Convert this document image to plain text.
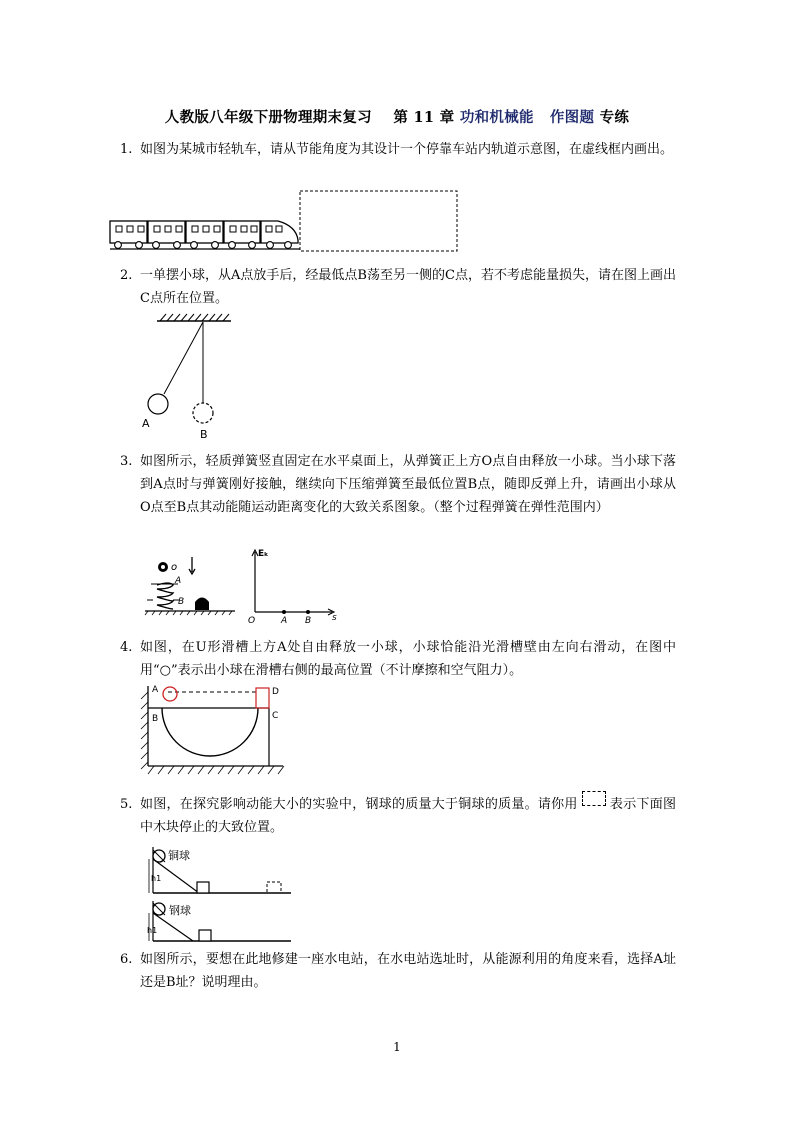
人教版八年级下册物理期末复习 第 11 章 功和机械能 作图题 专练
1. 如图为某城市轻轨车，请从节能角度为其设计一个停靠车站内轨道示意图，在虚线框内画出。
2. 一单摆小球，从A点放手后，经最低点B荡至另一侧的C点，若不考虑能量损失，请在图上画出C点所在位置。
A
B
3. 如图所示，轻质弹簧竖直固定在水平桌面上，从弹簧正上方O点自由释放一小球。当小球下落到A点时与弹簧刚好接触，继续向下压缩弹簧至最低位置B点，随即反弹上升，请画出小球从O点至B点其动能随运动距离变化的大致关系图象。（整个过程弹簧在弹性范围内）
o
A
B
Eₖ
O	A B s
4. 如图，在U形滑槽上方A处自由释放一小球，小球恰能沿光滑槽壁由左向右滑动，在图中用“○”表示出小球在滑槽右侧的最高位置（不计摩擦和空气阻力）。
A
B
D
C
5. 如图，在探究影响动能大小的实验中，钢球的质量大于铜球的质量。请你用 表示下面图中木块停止的大致位置。
铜球
h1
钢球
h1
6. 如图所示，要想在此地修建一座水电站，在水电站选址时，从能源利用的角度来看，选择A址还是B址？说明理由。
1
